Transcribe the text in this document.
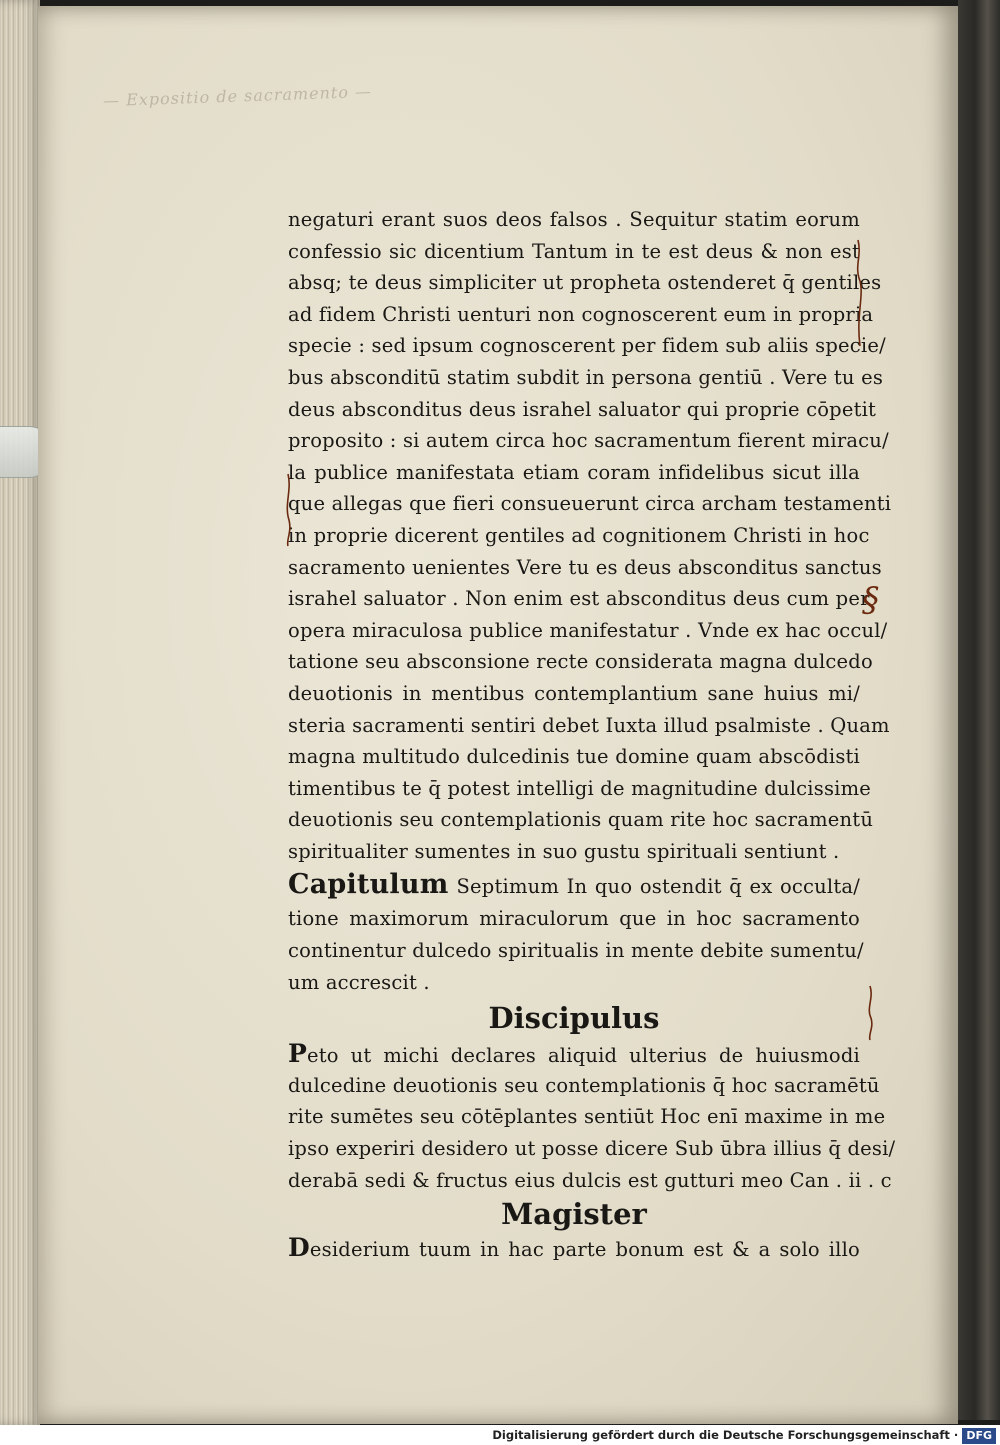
— Expositio de sacramento —
negaturi erant suos deos falsos . Sequitur statim eorum
confessio sic dicentium Tantum in te est deus & non est
absq; te deus simpliciter ut propheta ostenderet q̄ gentiles
ad fidem Christi uenturi non cognoscerent eum in propria
specie : sed ipsum cognoscerent per fidem sub aliis specie/
bus absconditū statim subdit in persona gentiū . Vere tu es
deus absconditus deus israhel saluator qui proprie cōpetit
proposito : si autem circa hoc sacramentum fierent miracu/
la publice manifestata etiam coram infidelibus sicut illa
que allegas que fieri consueuerunt circa archam testamenti
in proprie dicerent gentiles ad cognitionem Christi in hoc
sacramento uenientes Vere tu es deus absconditus sanctus
israhel saluator . Non enim est absconditus deus cum per
opera miraculosa publice manifestatur . Vnde ex hac occul/
tatione seu absconsione recte considerata magna dulcedo
deuotionis in mentibus contemplantium sane huius mi/
steria sacramenti sentiri debet Iuxta illud psalmiste . Quam
magna multitudo dulcedinis tue domine quam abscōdisti
timentibus te q̄ potest intelligi de magnitudine dulcissime
deuotionis seu contemplationis quam rite hoc sacramentū
spiritualiter sumentes in suo gustu spirituali sentiunt .
Capitulum Septimum In quo ostendit q̄ ex occulta/
tione maximorum miraculorum que in hoc sacramento
continentur dulcedo spiritualis in mente debite sumentu/
um accrescit .
Discipulus
Peto ut michi declares aliquid ulterius de huiusmodi
dulcedine deuotionis seu contemplationis q̄ hoc sacramētū
rite sumētes seu cōtēplantes sentiūt Hoc enī maxime in me
ipso experiri desidero ut posse dicere Sub ūbra illius q̄ desi/
derabā sedi & fructus eius dulcis est gutturi meo Can . ii . c
Magister
Desiderium tuum in hac parte bonum est & a solo illo
§
Digitalisierung gefördert durch die Deutsche Forschungsgemeinschaft · DFG
